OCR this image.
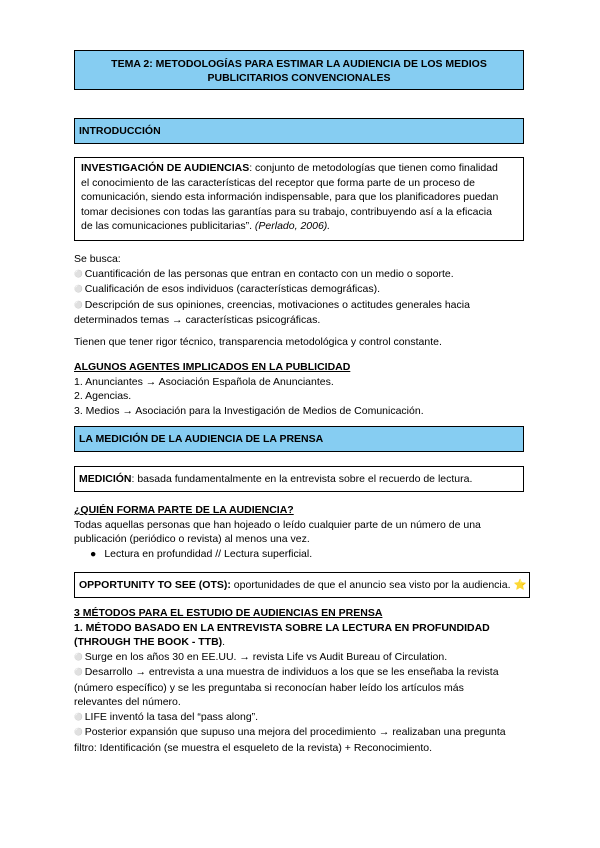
TEMA 2: METODOLOGÍAS PARA ESTIMAR LA AUDIENCIA DE LOS MEDIOS
PUBLICITARIOS CONVENCIONALES
INTRODUCCIÓN
INVESTIGACIÓN DE AUDIENCIAS: conjunto de metodologías que tienen como finalidad
el conocimiento de las características del receptor que forma parte de un proceso de
comunicación, siendo esta información indispensable, para que los planificadores puedan
tomar decisiones con todas las garantías para su trabajo, contribuyendo así a la eficacia
de las comunicaciones publicitarias”. (Perlado, 2006).
Se busca:
⚪ Cuantificación de las personas que entran en contacto con un medio o soporte.
⚪ Cualificación de esos individuos (características demográficas).
⚪ Descripción de sus opiniones, creencias, motivaciones o actitudes generales hacia
determinados temas → características psicográficas.
Tienen que tener rigor técnico, transparencia metodológica y control constante.
ALGUNOS AGENTES IMPLICADOS EN LA PUBLICIDAD
1. Anunciantes → Asociación Española de Anunciantes.
2. Agencias.
3. Medios → Asociación para la Investigación de Medios de Comunicación.
LA MEDICIÓN DE LA AUDIENCIA DE LA PRENSA
MEDICIÓN: basada fundamentalmente en la entrevista sobre el recuerdo de lectura.
¿QUIÉN FORMA PARTE DE LA AUDIENCIA?
Todas aquellas personas que han hojeado o leído cualquier parte de un número de una
publicación (periódico o revista) al menos una vez.
● Lectura en profundidad // Lectura superficial.
OPPORTUNITY TO SEE (OTS): oportunidades de que el anuncio sea visto por la audiencia. ⭐
3 MÉTODOS PARA EL ESTUDIO DE AUDIENCIAS EN PRENSA
1. MÉTODO BASADO EN LA ENTREVISTA SOBRE LA LECTURA EN PROFUNDIDAD
(THROUGH THE BOOK - TTB).
⚪ Surge en los años 30 en EE.UU. → revista Life vs Audit Bureau of Circulation.
⚪ Desarrollo → entrevista a una muestra de individuos a los que se les enseñaba la revista
(número específico) y se les preguntaba si reconocían haber leído los artículos más
relevantes del número.
⚪ LIFE inventó la tasa del “pass along”.
⚪ Posterior expansión que supuso una mejora del procedimiento → realizaban una pregunta
filtro: Identificación (se muestra el esqueleto de la revista) + Reconocimiento.
